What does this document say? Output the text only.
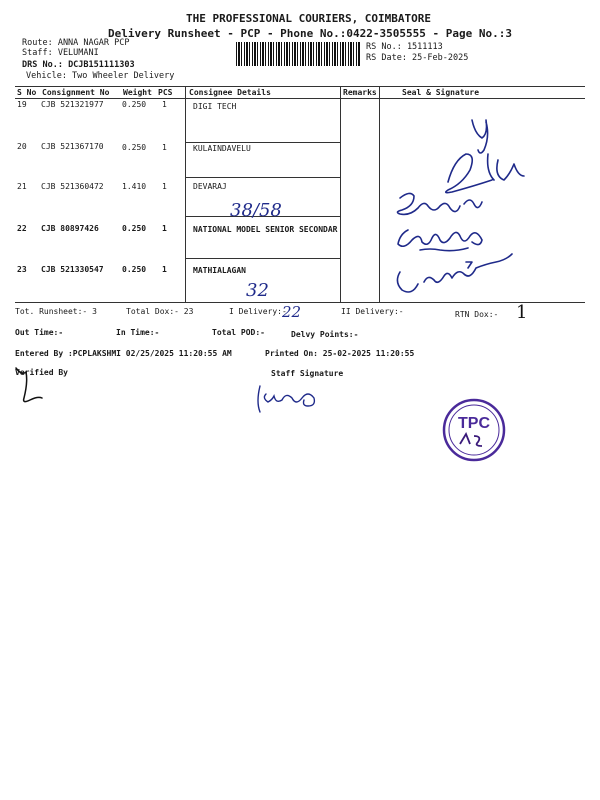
THE PROFESSIONAL COURIERS, COIMBATORE
Delivery Runsheet - PCP - Phone No.:0422-3505555 - Page No.:3
Route: ANNA NAGAR PCP
Staff: VELUMANI
DRS No.: DCJB151111303
Vehicle: Two Wheeler Delivery
RS No.: 1511113
RS Date: 25-Feb-2025
S No Consignment No Weight PCS Consignee Details	Remarks	Seal & Signature
19 CJB 521321977 0.250 1	DIGI TECH
20 CJB 521367170 0.250 1	KULAINDAVELU
21 CJB 521360472 1.410 1	DEVARAJ
22 CJB 80897426	0.250 1	NATIONAL MODEL SENIOR SECONDAR
23 CJB 521330547 0.250 1	MATHIALAGAN
38/58
32
22	1
Tot. Runsheet:- 3	Total Dox:- 23	I Delivery:-	II Delivery:-	RTN Dox:-
Out Time:-	In Time:-	Total POD:-	Delvy Points:-
Entered By :PCPLAKSHMI 02/25/2025 11:20:55 AM	Printed On: 25-02-2025 11:20:55
Verified By	Staff Signature
TPC
